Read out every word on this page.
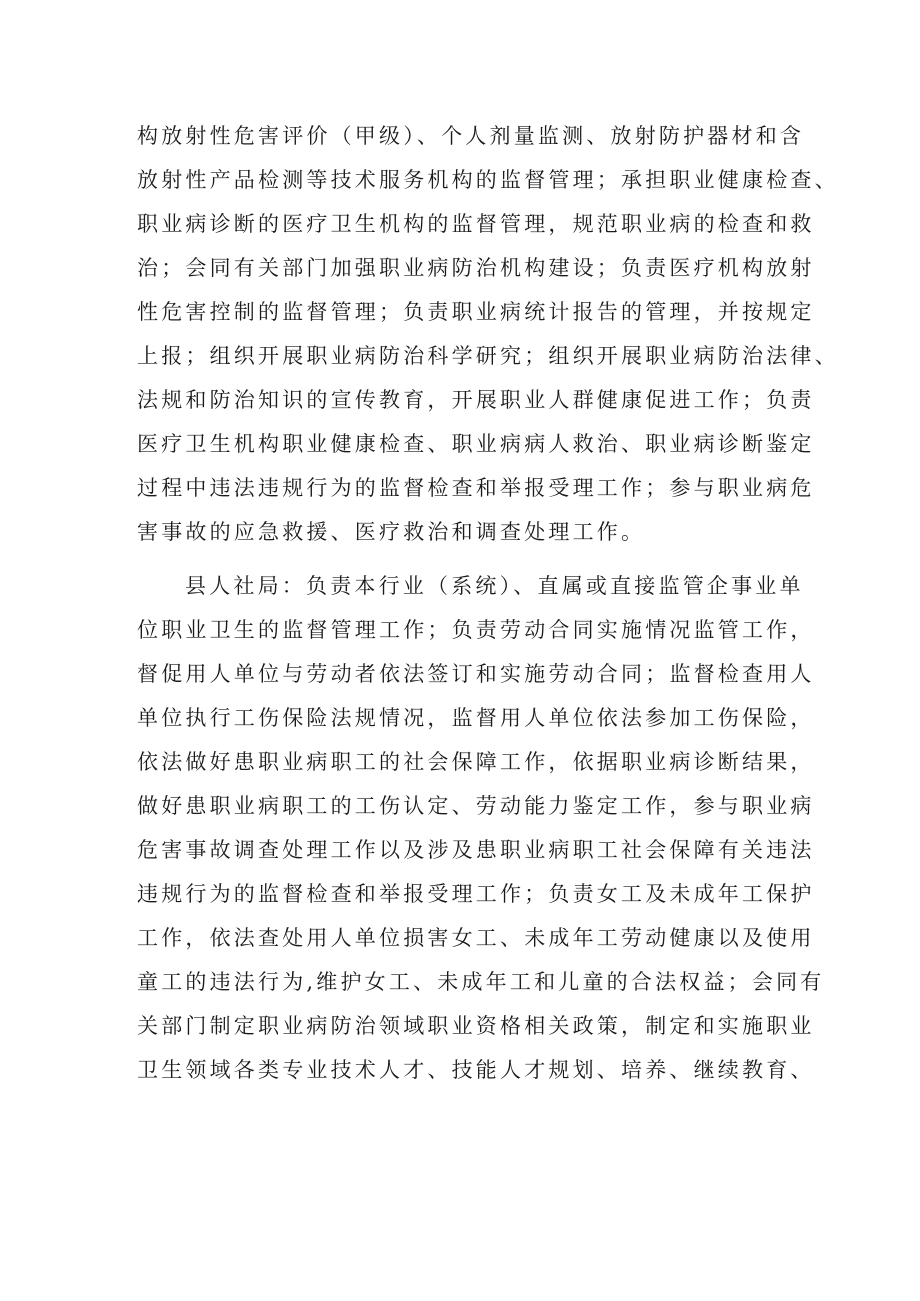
构放射性危害评价（甲级）、个人剂量监测、放射防护器材和含
放射性产品检测等技术服务机构的监督管理；承担职业健康检查、
职业病诊断的医疗卫生机构的监督管理，规范职业病的检查和救
治；会同有关部门加强职业病防治机构建设；负责医疗机构放射
性危害控制的监督管理；负责职业病统计报告的管理，并按规定
上报；组织开展职业病防治科学研究；组织开展职业病防治法律、
法规和防治知识的宣传教育，开展职业人群健康促进工作；负责
医疗卫生机构职业健康检查、职业病病人救治、职业病诊断鉴定
过程中违法违规行为的监督检查和举报受理工作；参与职业病危
害事故的应急救援、医疗救治和调查处理工作。
县人社局：负责本行业（系统）、直属或直接监管企事业单
位职业卫生的监督管理工作；负责劳动合同实施情况监管工作，
督促用人单位与劳动者依法签订和实施劳动合同；监督检查用人
单位执行工伤保险法规情况，监督用人单位依法参加工伤保险，
依法做好患职业病职工的社会保障工作，依据职业病诊断结果，
做好患职业病职工的工伤认定、劳动能力鉴定工作，参与职业病
危害事故调查处理工作以及涉及患职业病职工社会保障有关违法
违规行为的监督检查和举报受理工作；负责女工及未成年工保护
工作，依法查处用人单位损害女工、未成年工劳动健康以及使用
童工的违法行为,维护女工、未成年工和儿童的合法权益；会同有
关部门制定职业病防治领域职业资格相关政策，制定和实施职业
卫生领域各类专业技术人才、技能人才规划、培养、继续教育、
